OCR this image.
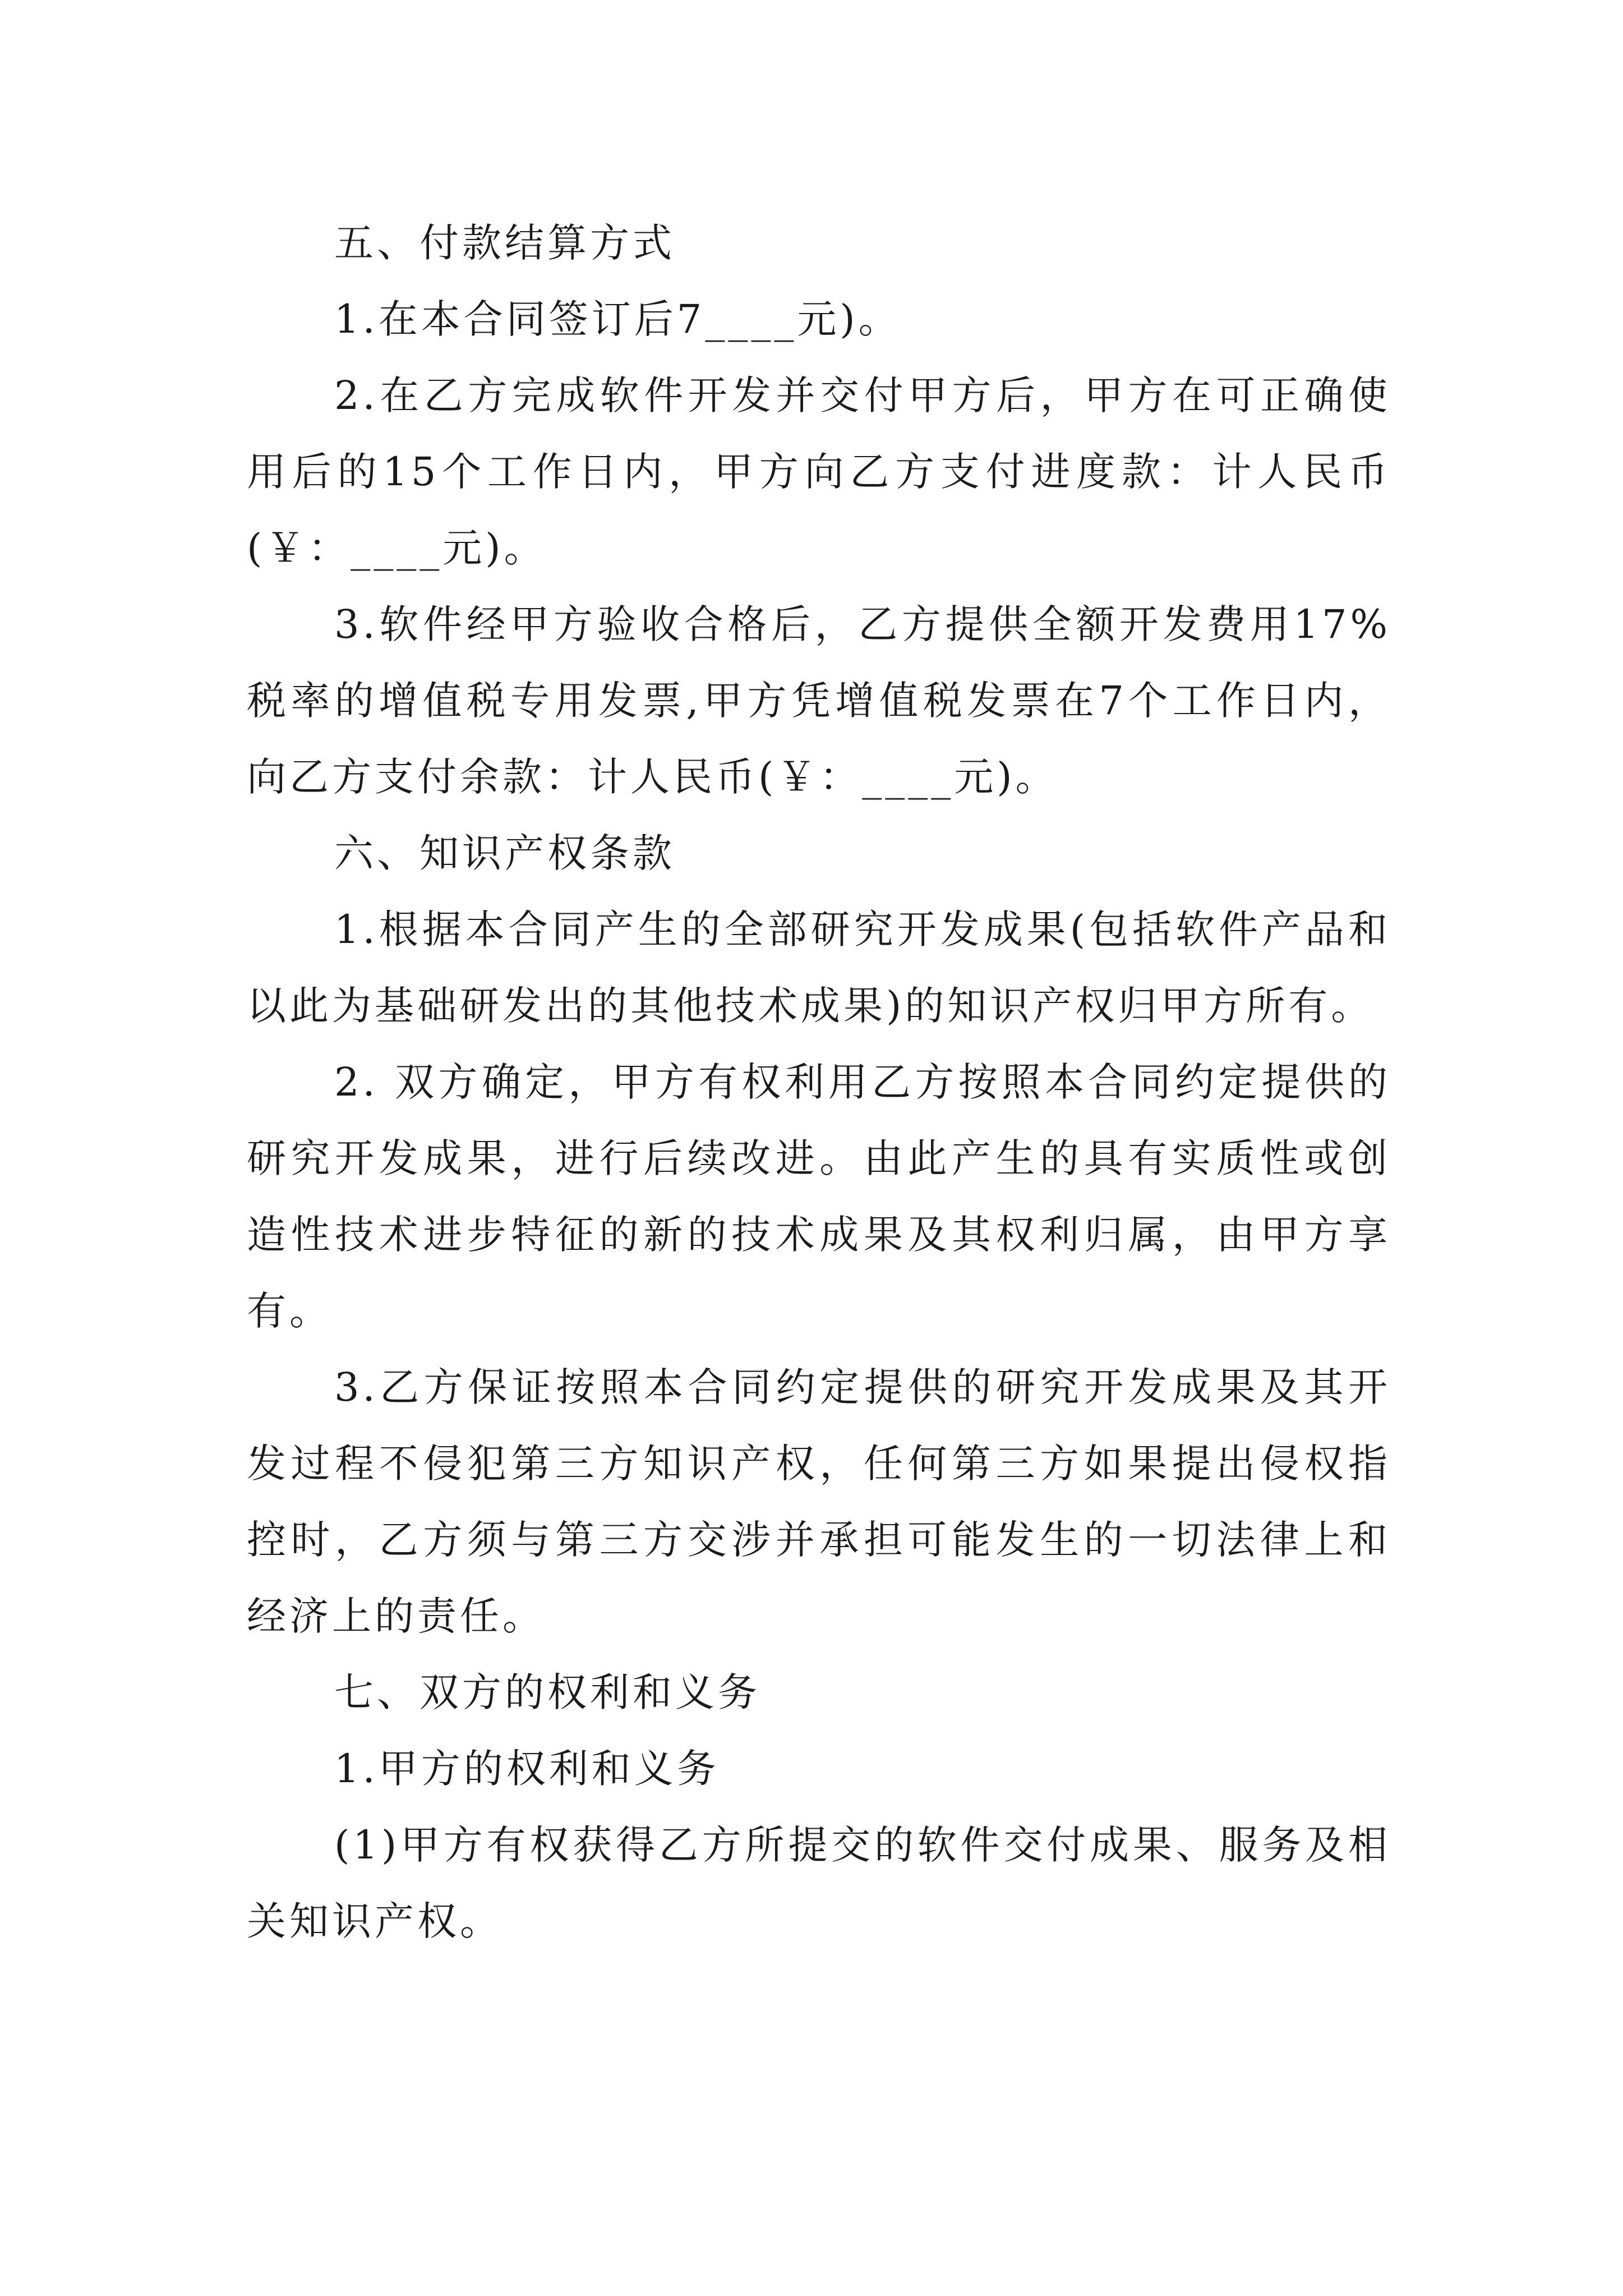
五、付款结算方式

1.在本合同签订后7____元)。

2.在乙方完成软件开发并交付甲方后，甲方在可正确使用后的15个工作日内，甲方向乙方支付进度款：计人民币(￥：____元)。

3.软件经甲方验收合格后，乙方提供全额开发费用17%税率的增值税专用发票,甲方凭增值税发票在7个工作日内，向乙方支付余款：计人民币(￥：____元)。

六、知识产权条款

1.根据本合同产生的全部研究开发成果(包括软件产品和以此为基础研发出的其他技术成果)的知识产权归甲方所有。

2. 双方确定，甲方有权利用乙方按照本合同约定提供的研究开发成果，进行后续改进。由此产生的具有实质性或创造性技术进步特征的新的技术成果及其权利归属，由甲方享有。

3.乙方保证按照本合同约定提供的研究开发成果及其开发过程不侵犯第三方知识产权，任何第三方如果提出侵权指控时，乙方须与第三方交涉并承担可能发生的一切法律上和经济上的责任。

七、双方的权利和义务

1.甲方的权利和义务

(1)甲方有权获得乙方所提交的软件交付成果、服务及相关知识产权。
